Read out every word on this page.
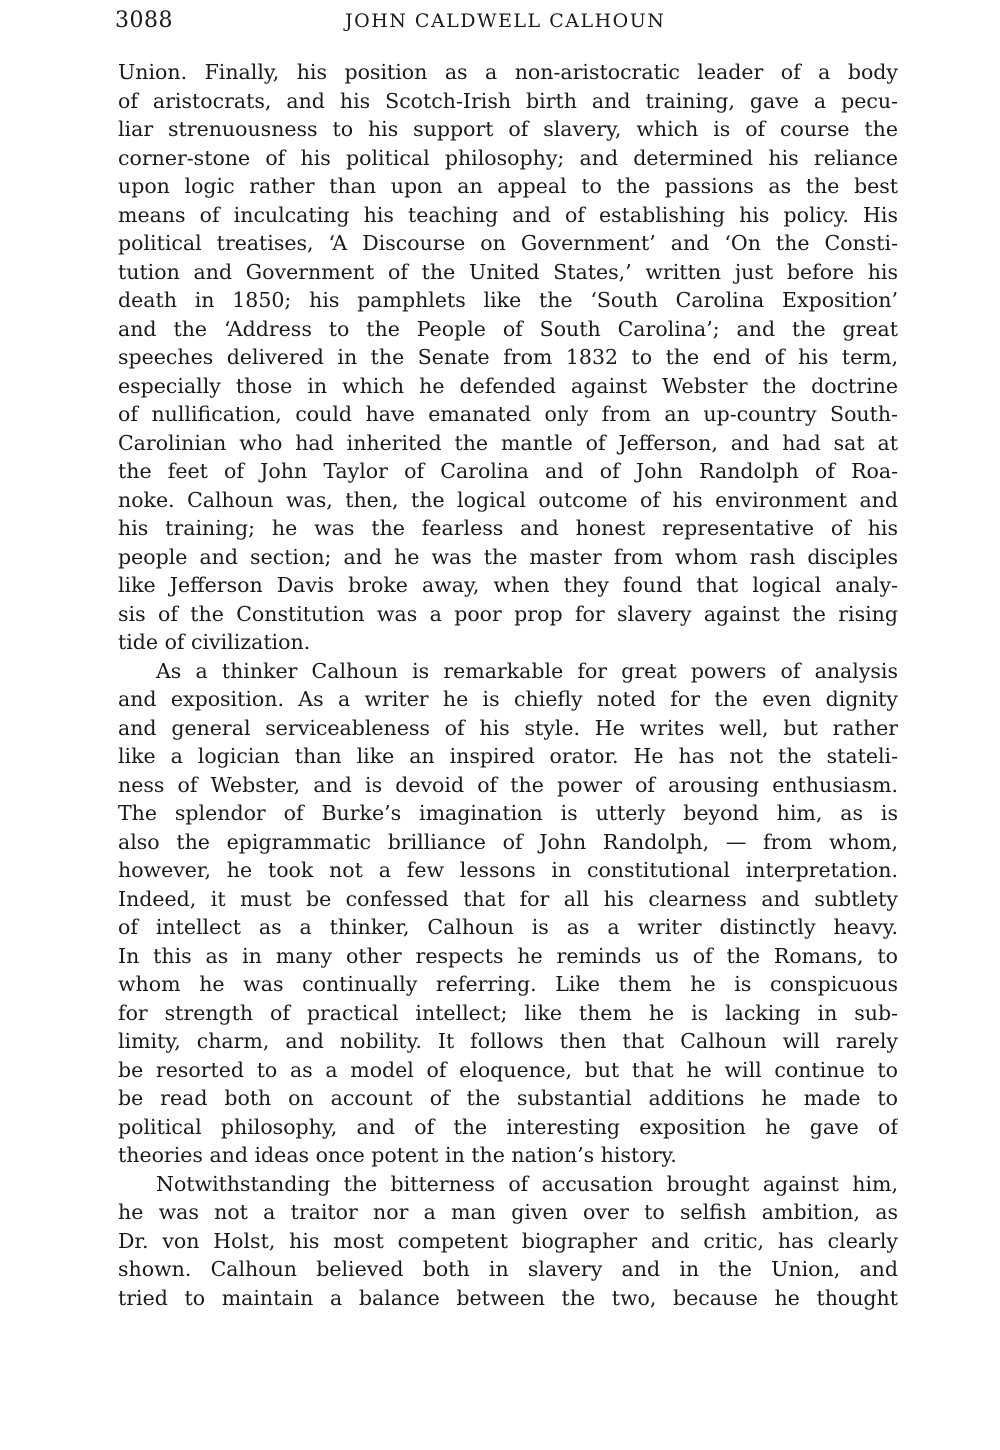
3088	JOHN CALDWELL CALHOUN
Union. Finally, his position as a non-aristocratic leader of a body
of aristocrats, and his Scotch-Irish birth and training, gave a pecu-
liar strenuousness to his support of slavery, which is of course the
corner-stone of his political philosophy; and determined his reliance
upon logic rather than upon an appeal to the passions as the best
means of inculcating his teaching and of establishing his policy. His
political treatises, ‘A Discourse on Government’ and ‘On the Consti-
tution and Government of the United States,’ written just before his
death in 1850; his pamphlets like the ‘South Carolina Exposition’
and the ‘Address to the People of South Carolina’; and the great
speeches delivered in the Senate from 1832 to the end of his term,
especially those in which he defended against Webster the doctrine
of nullification, could have emanated only from an up-country South-
Carolinian who had inherited the mantle of Jefferson, and had sat at
the feet of John Taylor of Carolina and of John Randolph of Roa-
noke. Calhoun was, then, the logical outcome of his environment and
his training; he was the fearless and honest representative of his
people and section; and he was the master from whom rash disciples
like Jefferson Davis broke away, when they found that logical analy-
sis of the Constitution was a poor prop for slavery against the rising
tide of civilization.
As a thinker Calhoun is remarkable for great powers of analysis
and exposition. As a writer he is chiefly noted for the even dignity
and general serviceableness of his style. He writes well, but rather
like a logician than like an inspired orator. He has not the stateli-
ness of Webster, and is devoid of the power of arousing enthusiasm.
The splendor of Burke’s imagination is utterly beyond him, as is
also the epigrammatic brilliance of John Randolph, — from whom,
however, he took not a few lessons in constitutional interpretation.
Indeed, it must be confessed that for all his clearness and subtlety
of intellect as a thinker, Calhoun is as a writer distinctly heavy.
In this as in many other respects he reminds us of the Romans, to
whom he was continually referring. Like them he is conspicuous
for strength of practical intellect; like them he is lacking in sub-
limity, charm, and nobility. It follows then that Calhoun will rarely
be resorted to as a model of eloquence, but that he will continue to
be read both on account of the substantial additions he made to
political philosophy, and of the interesting exposition he gave of
theories and ideas once potent in the nation’s history.
Notwithstanding the bitterness of accusation brought against him,
he was not a traitor nor a man given over to selfish ambition, as
Dr. von Holst, his most competent biographer and critic, has clearly
shown. Calhoun believed both in slavery and in the Union, and
tried to maintain a balance between the two, because he thought
